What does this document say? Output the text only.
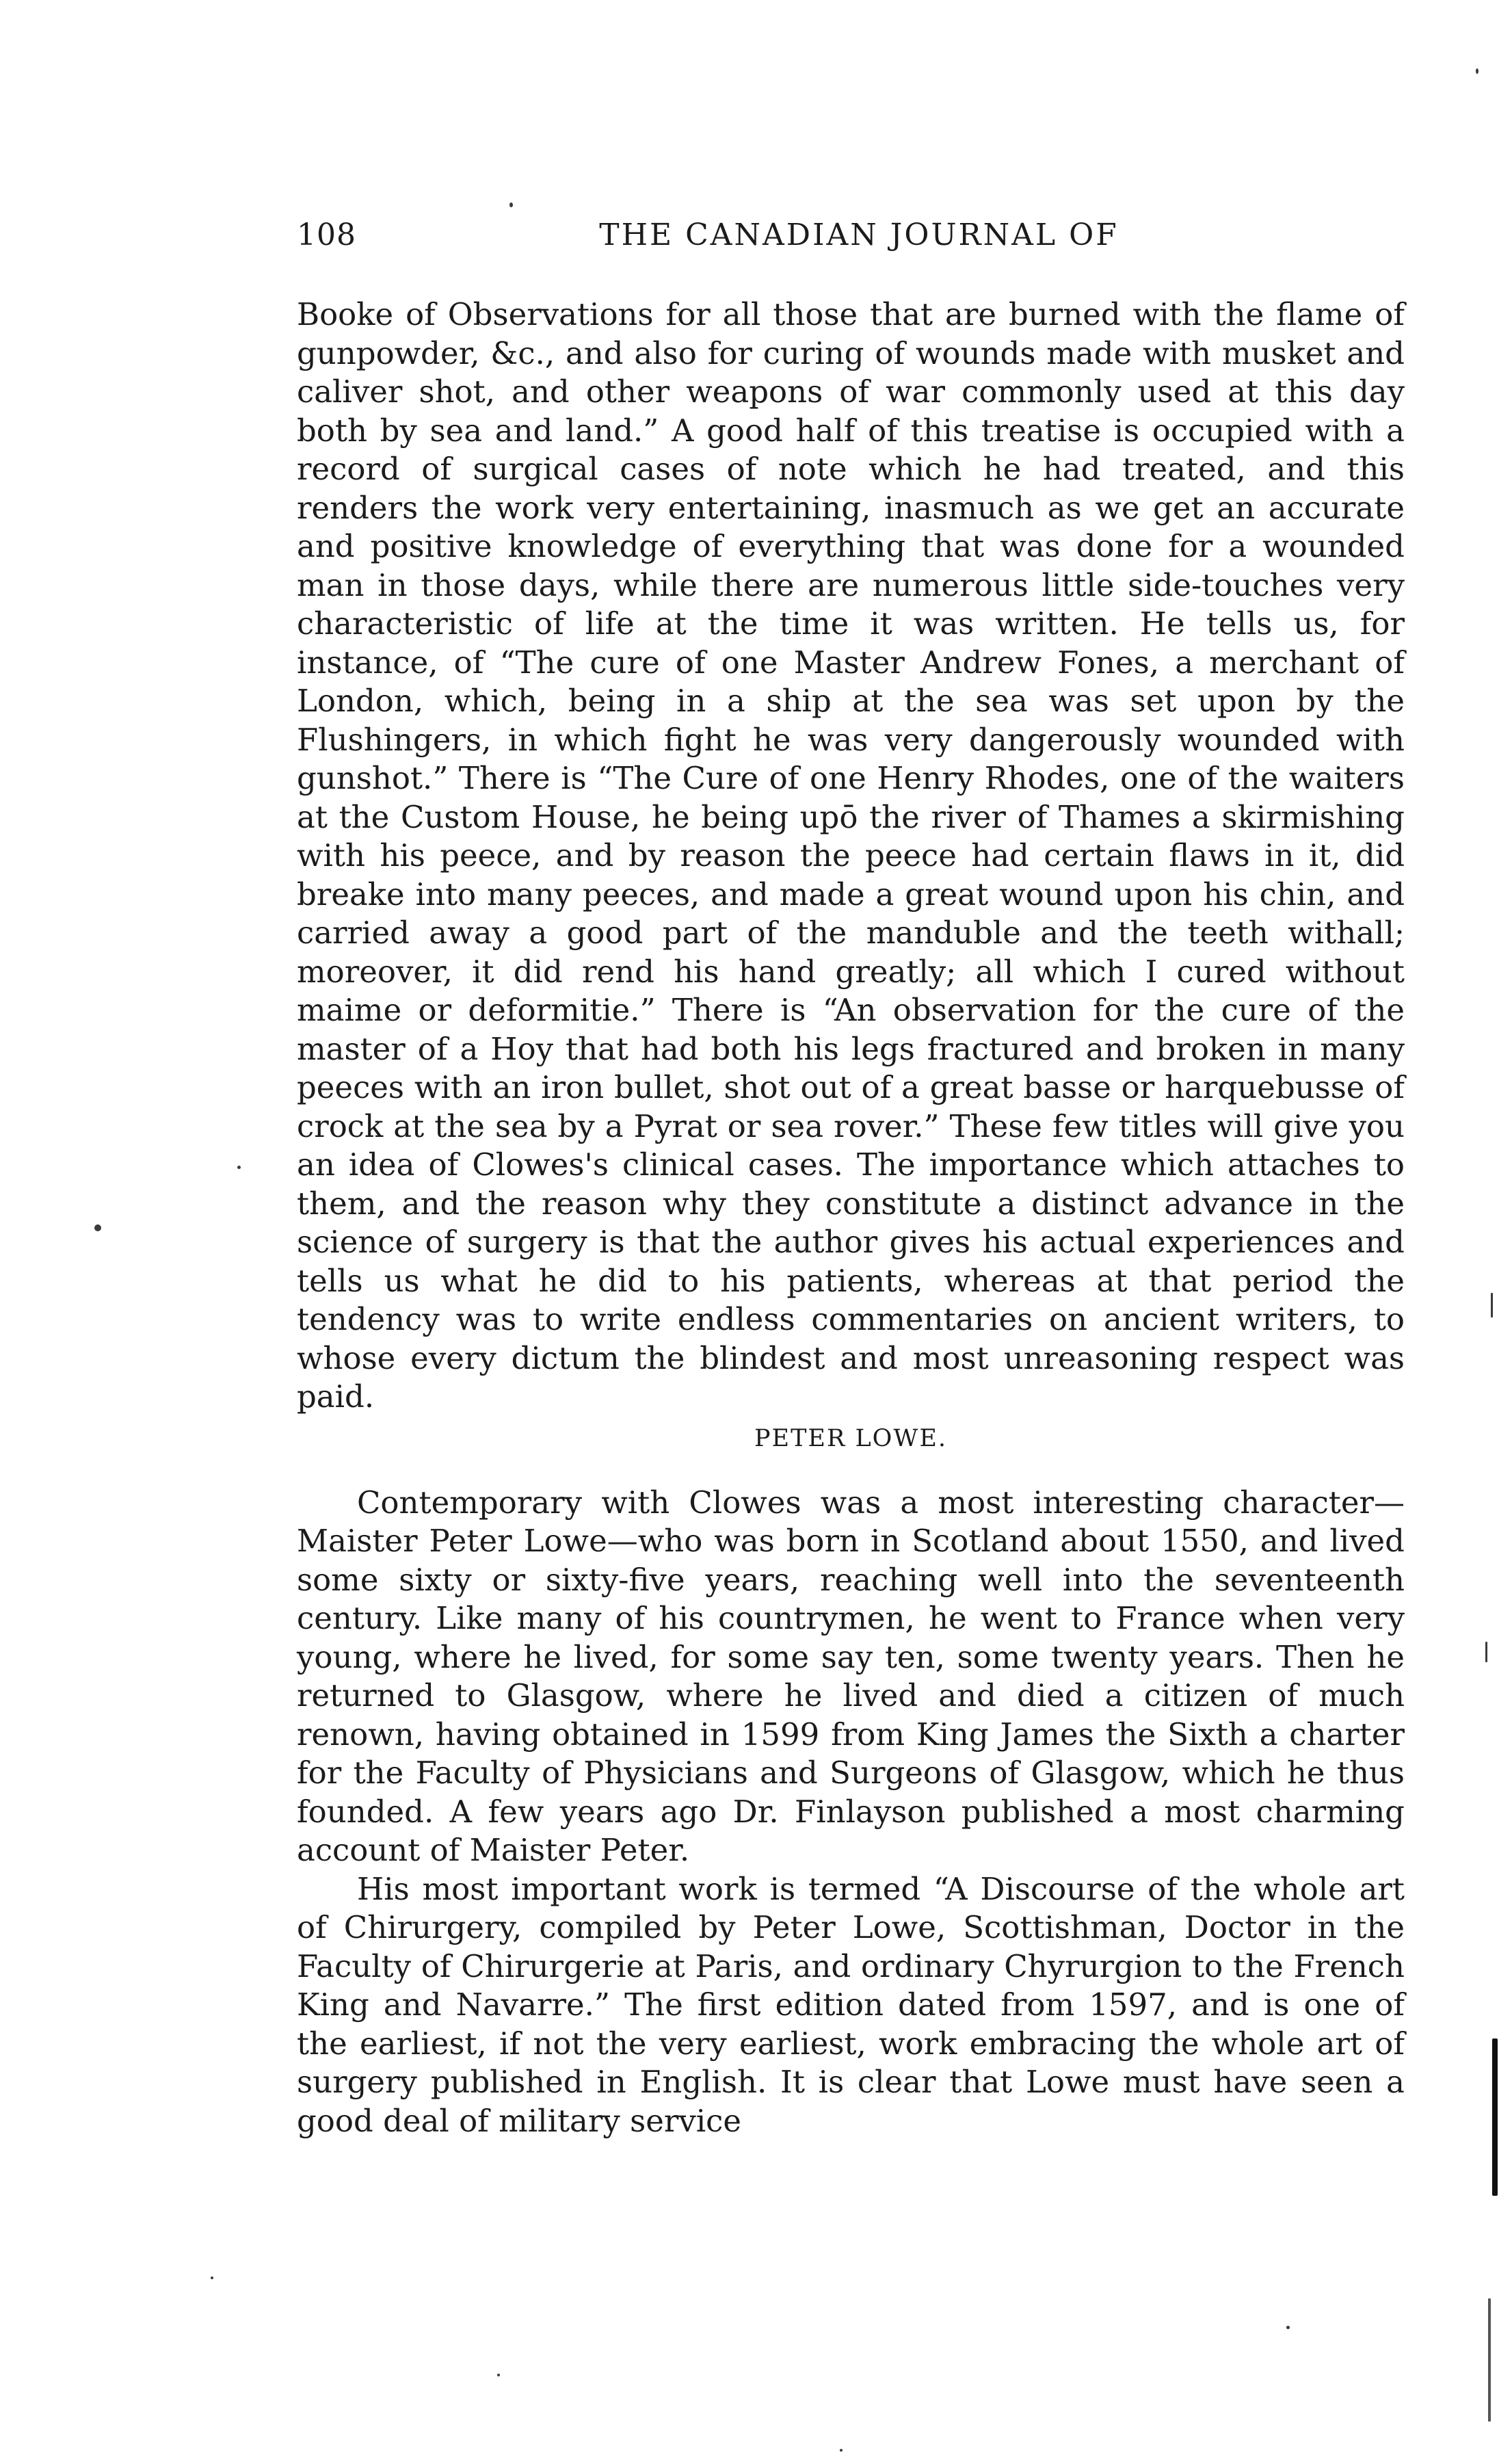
108	THE CANADIAN JOURNAL OF

Booke of Observations for all those that are burned with the flame of gunpowder, &c., and also for curing of wounds made with musket and caliver shot, and other weapons of war commonly used at this day both by sea and land.” A good half of this treatise is occupied with a record of surgical cases of note which he had treated, and this renders the work very entertaining, inasmuch as we get an accurate and positive knowledge of everything that was done for a wounded man in those days, while there are numerous little side-touches very characteristic of life at the time it was written. He tells us, for instance, of “The cure of one Master Andrew Fones, a merchant of London, which, being in a ship at the sea was set upon by the Flushingers, in which fight he was very dangerously wounded with gunshot.” There is “The Cure of one Henry Rhodes, one of the waiters at the Custom House, he being upō the river of Thames a skirmishing with his peece, and by reason the peece had certain flaws in it, did breake into many peeces, and made a great wound upon his chin, and carried away a good part of the manduble and the teeth withall; moreover, it did rend his hand greatly; all which I cured without maime or deformitie.” There is “An observation for the cure of the master of a Hoy that had both his legs fractured and broken in many peeces with an iron bullet, shot out of a great basse or harquebusse of crock at the sea by a Pyrat or sea rover.” These few titles will give you an idea of Clowes's clinical cases. The importance which attaches to them, and the reason why they constitute a distinct advance in the science of surgery is that the author gives his actual experiences and tells us what he did to his patients, whereas at that period the tendency was to write endless commentaries on ancient writers, to whose every dictum the blindest and most unreasoning respect was paid.

PETER LOWE.

Contemporary with Clowes was a most interesting character—Maister Peter Lowe—who was born in Scotland about 1550, and lived some sixty or sixty-five years, reaching well into the seventeenth century. Like many of his countrymen, he went to France when very young, where he lived, for some say ten, some twenty years. Then he returned to Glasgow, where he lived and died a citizen of much renown, having obtained in 1599 from King James the Sixth a charter for the Faculty of Physicians and Surgeons of Glasgow, which he thus founded. A few years ago Dr. Finlayson published a most charming account of Maister Peter.

His most important work is termed “A Discourse of the whole art of Chirurgery, compiled by Peter Lowe, Scottishman, Doctor in the Faculty of Chirurgerie at Paris, and ordinary Chyrurgion to the French King and Navarre.” The first edition dated from 1597, and is one of the earliest, if not the very earliest, work embracing the whole art of surgery published in English. It is clear that Lowe must have seen a good deal of military service
